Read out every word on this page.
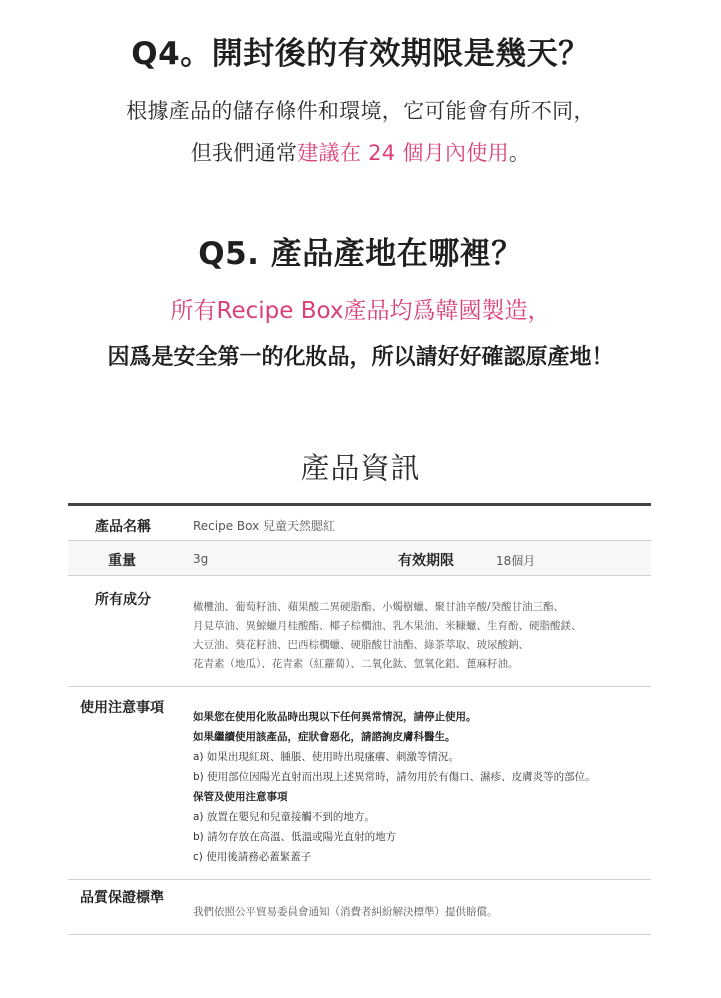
Q4。開封後的有效期限是幾天？
根據產品的儲存條件和環境，它可能會有所不同，
但我們通常建議在 24 個月內使用。
Q5. 產品產地在哪裡？
所有Recipe Box產品均爲韓國製造，
因爲是安全第一的化妝品，所以請好好確認原產地！
產品資訊
產品名稱	Recipe Box 兒童天然腮紅
重量	3g	有效期限	18個月
所有成分	橄欖油、葡萄籽油、蘋果酸二異硬脂酯、小燭樹蠟、聚甘油辛酸/癸酸甘油三酯、
月見草油、異鯨蠟月桂酸酯、椰子棕櫚油、乳木果油、米糠蠟、生育酚、硬脂酸鎂、
大豆油、葵花籽油、巴西棕櫚蠟、硬脂酸甘油酯、綠茶萃取、玻尿酸鈉、
花青素（地瓜）、花青素（紅蘿蔔）、二氧化鈦、氫氧化鋁、蓖麻籽油。
使用注意事項
如果您在使用化妝品時出現以下任何異常情況，請停止使用。
如果繼續使用該產品，症狀會惡化，請諮詢皮膚科醫生。
a) 如果出現紅斑、腫脹、使用時出現瘙癢、刺激等情況。
b) 使用部位因陽光直射而出現上述異常時，請勿用於有傷口、濕疹、皮膚炎等的部位。
保管及使用注意事項
a) 放置在嬰兒和兒童接觸不到的地方。
b) 請勿存放在高溫、低溫或陽光直射的地方
c) 使用後請務必蓋緊蓋子
品質保證標準
我們依照公平貿易委員會通知（消費者糾紛解決標準）提供賠償。
